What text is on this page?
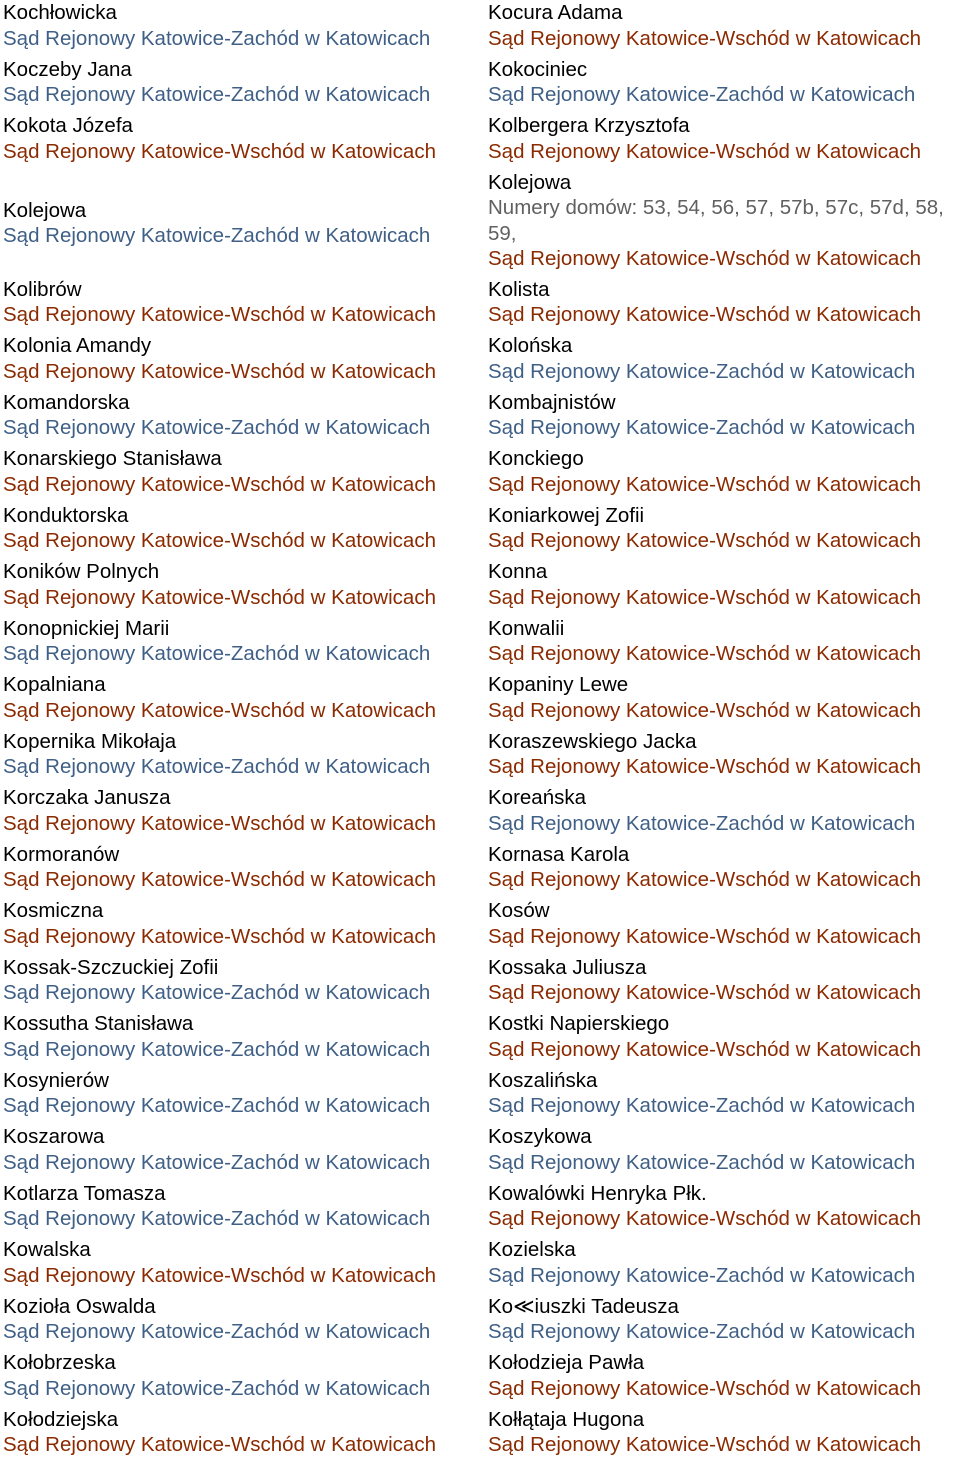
Kochłowicka
Sąd Rejonowy Katowice-Zachód w Katowicach
Koczeby Jana
Sąd Rejonowy Katowice-Zachód w Katowicach
Kokota Józefa
Sąd Rejonowy Katowice-Wschód w Katowicach
Kolejowa
Sąd Rejonowy Katowice-Zachód w Katowicach
Kolibrów
Sąd Rejonowy Katowice-Wschód w Katowicach
Kolonia Amandy
Sąd Rejonowy Katowice-Wschód w Katowicach
Komandorska
Sąd Rejonowy Katowice-Zachód w Katowicach
Konarskiego Stanisława
Sąd Rejonowy Katowice-Wschód w Katowicach
Konduktorska
Sąd Rejonowy Katowice-Wschód w Katowicach
Koników Polnych
Sąd Rejonowy Katowice-Wschód w Katowicach
Konopnickiej Marii
Sąd Rejonowy Katowice-Zachód w Katowicach
Kopalniana
Sąd Rejonowy Katowice-Wschód w Katowicach
Kopernika Mikołaja
Sąd Rejonowy Katowice-Zachód w Katowicach
Korczaka Janusza
Sąd Rejonowy Katowice-Wschód w Katowicach
Kormoranów
Sąd Rejonowy Katowice-Wschód w Katowicach
Kosmiczna
Sąd Rejonowy Katowice-Wschód w Katowicach
Kossak-Szczuckiej Zofii
Sąd Rejonowy Katowice-Zachód w Katowicach
Kossutha Stanisława
Sąd Rejonowy Katowice-Zachód w Katowicach
Kosynierów
Sąd Rejonowy Katowice-Zachód w Katowicach
Koszarowa
Sąd Rejonowy Katowice-Zachód w Katowicach
Kotlarza Tomasza
Sąd Rejonowy Katowice-Zachód w Katowicach
Kowalska
Sąd Rejonowy Katowice-Wschód w Katowicach
Kozioła Oswalda
Sąd Rejonowy Katowice-Zachód w Katowicach
Kołobrzeska
Sąd Rejonowy Katowice-Zachód w Katowicach
Kołodziejska
Sąd Rejonowy Katowice-Wschód w Katowicach
Kocura Adama
Sąd Rejonowy Katowice-Wschód w Katowicach
Kokociniec
Sąd Rejonowy Katowice-Zachód w Katowicach
Kolbergera Krzysztofa
Sąd Rejonowy Katowice-Wschód w Katowicach
Kolejowa
Numery domów: 53, 54, 56, 57, 57b, 57c, 57d, 58, 59,
Sąd Rejonowy Katowice-Wschód w Katowicach
Kolista
Sąd Rejonowy Katowice-Wschód w Katowicach
Kolońska
Sąd Rejonowy Katowice-Zachód w Katowicach
Kombajnistów
Sąd Rejonowy Katowice-Zachód w Katowicach
Konckiego
Sąd Rejonowy Katowice-Wschód w Katowicach
Koniarkowej Zofii
Sąd Rejonowy Katowice-Wschód w Katowicach
Konna
Sąd Rejonowy Katowice-Wschód w Katowicach
Konwalii
Sąd Rejonowy Katowice-Wschód w Katowicach
Kopaniny Lewe
Sąd Rejonowy Katowice-Wschód w Katowicach
Koraszewskiego Jacka
Sąd Rejonowy Katowice-Wschód w Katowicach
Koreańska
Sąd Rejonowy Katowice-Zachód w Katowicach
Kornasa Karola
Sąd Rejonowy Katowice-Wschód w Katowicach
Kosów
Sąd Rejonowy Katowice-Wschód w Katowicach
Kossaka Juliusza
Sąd Rejonowy Katowice-Wschód w Katowicach
Kostki Napierskiego
Sąd Rejonowy Katowice-Wschód w Katowicach
Koszalińska
Sąd Rejonowy Katowice-Zachód w Katowicach
Koszykowa
Sąd Rejonowy Katowice-Zachód w Katowicach
Kowalówki Henryka Płk.
Sąd Rejonowy Katowice-Wschód w Katowicach
Kozielska
Sąd Rejonowy Katowice-Zachód w Katowicach
Ko≪iuszki Tadeusza
Sąd Rejonowy Katowice-Zachód w Katowicach
Kołodzieja Pawła
Sąd Rejonowy Katowice-Wschód w Katowicach
Kołłątaja Hugona
Sąd Rejonowy Katowice-Wschód w Katowicach
